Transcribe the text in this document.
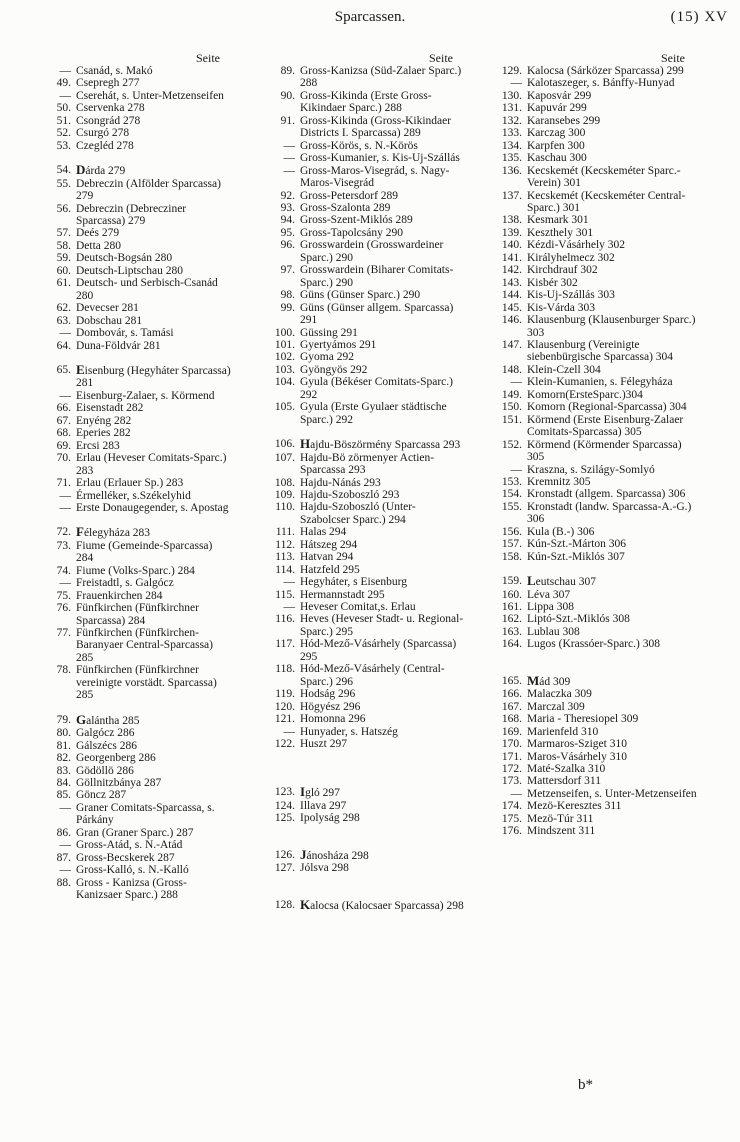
Sparcassen.	(15) XV
Seite
— Csanád, s. Makó
49. Csepregh 277
— Cserehát, s. Unter-Metzenseifen
50. Cservenka 278
51. Csongrád 278
52. Csurgó 278
53. Czegléd 278
54. Dárda 279
55. Debreczin (Alfölder Sparcassa) 279
56. Debreczin (Debrecziner Sparcassa) 279
57. Deés 279
58. Detta 280
59. Deutsch-Bogsán 280
60. Deutsch-Liptschau 280
61. Deutsch- und Serbisch-Csanád 280
62. Devecser 281
63. Dobschau 281
— Dombovár, s. Tamási
64. Duna-Földvár 281
65. Eisenburg (Hegyháter Sparcassa) 281
— Eisenburg-Zalaer, s. Körmend
66. Eisenstadt 282
67. Enyéng 282
68. Eperies 282
69. Ercsi 283
70. Erlau (Heveser Comitats-Sparc.) 283
71. Erlau (Erlauer Sp.) 283
— Érmelléker, s.Székelyhid
— Erste Donaugegender, s. Apostag
72. Félegyháza 283
73. Fiume (Gemeinde-Sparcassa) 284
74. Fiume (Volks-Sparc.) 284
— Freistadtl, s. Galgócz
75. Frauenkirchen 284
76. Fünfkirchen (Fünfkirchner Sparcassa) 284
77. Fünfkirchen (Fünfkirchen-Baranyaer Central-Sparcassa) 285
78. Fünfkirchen (Fünfkirchner vereinigte vorstädt. Sparcassa) 285
79. Galántha 285
80. Galgócz 286
81. Gálszécs 286
82. Georgenberg 286
83. Gödöllö 286
84. Göllnitzbánya 287
85. Göncz 287
— Graner Comitats-Sparcassa, s. Párkány
86. Gran (Graner Sparc.) 287
— Gross-Atád, s. N.-Atád
87. Gross-Becskerek 287
— Gross-Kalló, s. N.-Kalló
88. Gross - Kanizsa (Gross-Kanizsaer Sparc.) 288
Seite
89. Gross-Kanizsa (Süd-Zalaer Sparc.) 288
90. Gross-Kikinda (Erste Gross-Kikindaer Sparc.) 288
91. Gross-Kikinda (Gross-Kikindaer Districts I. Sparcassa) 289
— Gross-Körös, s. N.-Körös
— Gross-Kumanier, s. Kis-Uj-Szállás
— Gross-Maros-Visegrád, s. Nagy-Maros-Visegrád
92. Gross-Petersdorf 289
93. Gross-Szalonta 289
94. Gross-Szent-Miklós 289
95. Gross-Tapolcsány 290
96. Grosswardein (Grosswardeiner Sparc.) 290
97. Grosswardein (Biharer Comitats-Sparc.) 290
98. Güns (Günser Sparc.) 290
99. Güns (Günser allgem. Sparcassa) 291
100. Güssing 291
101. Gyertyámos 291
102. Gyoma 292
103. Gyöngyös 292
104. Gyula (Békéser Comitats-Sparc.) 292
105. Gyula (Erste Gyulaer städtische Sparc.) 292
106. Hajdu-Böszörmény Sparcassa 293
107. Hajdu-Bö zörmenyer Actien-Sparcassa 293
108. Hajdu-Nánás 293
109. Hajdu-Szoboszló 293
110. Hajdu-Szoboszló (Unter-Szabolcser Sparc.) 294
111. Halas 294
112. Hátszeg 294
113. Hatvan 294
114. Hatzfeld 295
— Hegyháter, s Eisenburg
115. Hermannstadt 295
— Heveser Comitat,s. Erlau
116. Heves (Heveser Stadt- u. Regional-Sparc.) 295
117. Hód-Mező-Vásárhely (Sparcassa) 295
118. Hód-Mező-Vásárhely (Central-Sparc.) 296
119. Hodság 296
120. Högyész 296
121. Homonna 296
— Hunyader, s. Hatszég
122. Huszt 297
123. Igló 297
124. Illava 297
125. Ipolyság 298
126. Jánosháza 298
127. Jólsva 298
128. Kalocsa (Kalocsaer Sparcassa) 298
Seite
129. Kalocsa (Sárközer Sparcassa) 299
— Kalotaszeger, s. Bánffy-Hunyad
130. Kaposvár 299
131. Kapuvár 299
132. Karansebes 299
133. Karczag 300
134. Karpfen 300
135. Kaschau 300
136. Kecskemét (Kecskeméter Sparc.-Verein) 301
137. Kecskemét (Kecskeméter Central-Sparc.) 301
138. Kesmark 301
139. Keszthely 301
140. Kézdi-Vásárhely 302
141. Királyhelmecz 302
142. Kirchdrauf 302
143. Kisbér 302
144. Kis-Uj-Szállás 303
145. Kis-Várda 303
146. Klausenburg (Klausenburger Sparc.) 303
147. Klausenburg (Vereinigte siebenbürgische Sparcassa) 304
148. Klein-Czell 304
— Klein-Kumanien, s. Félegyháza
149. Komorn(ErsteSparc.)304
150. Komorn (Regional-Sparcassa) 304
151. Körmend (Erste Eisenburg-Zalaer Comitats-Sparcassa) 305
152. Körmend (Körmender Sparcassa) 305
— Krasznа, s. Szilágy-Somlyó
153. Kremnitz 305
154. Kronstadt (allgem. Sparcassa) 306
155. Kronstadt (landw. Sparcassa-A.-G.) 306
156. Kula (B.-) 306
157. Kún-Szt.-Márton 306
158. Kún-Szt.-Miklós 307
159. Leutschau 307
160. Léva 307
161. Lippa 308
162. Liptó-Szt.-Miklós 308
163. Lublau 308
164. Lugos (Krassóer-Sparc.) 308
165. Mád 309
166. Malaczka 309
167. Marczal 309
168. Maria - Theresiopel 309
169. Marienfeld 310
170. Marmaros-Sziget 310
171. Maros-Vásárhely 310
172. Maté-Szalka 310
173. Mattersdorf 311
— Metzenseifen, s. Unter-Metzenseifen
174. Mezö-Keresztes 311
175. Mezö-Túr 311
176. Mindszent 311
b*
